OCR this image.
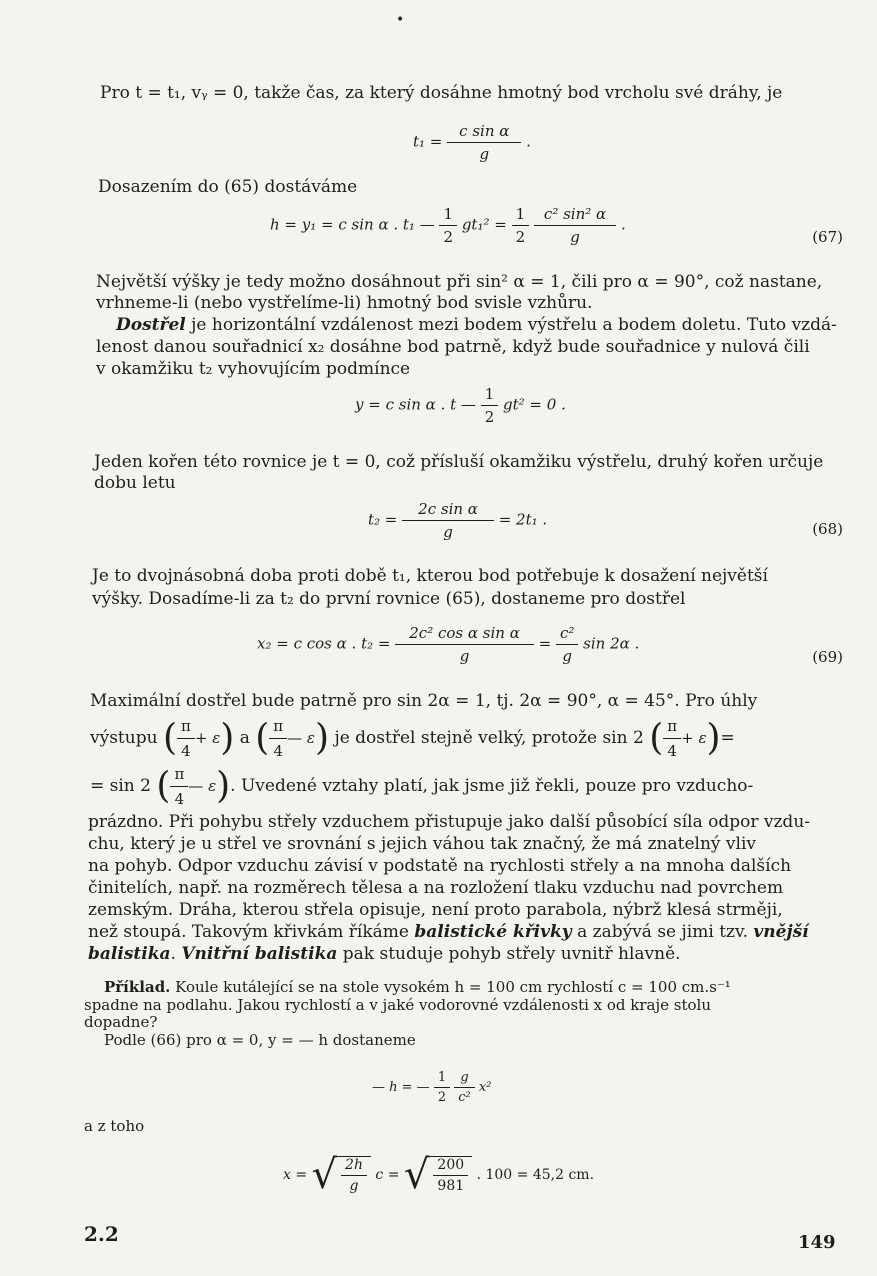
•
Pro t = t₁, vᵧ = 0, takže čas, za který dosáhne hmotný bod vrcholu své dráhy, je
$t_1 = \frac{\text{c sin α}}{g}$ .
Dosazením do (65) dostáváme
h = y₁ = c sin α . t₁ — $\frac{1}{2} gt_1^2 = \frac{1}{2}$
$\frac{\text{c² sin² α}}{g}$ .
(67)
Největší výšky je tedy možno dosáhnout při sin² α = 1, čili pro α = 90°, což nastane,
vrhneme-li (nebo vystřelíme-li) hmotný bod svisle vzhůru.
Dostřel je horizontální vzdálenost mezi bodem výstřelu a bodem doletu. Tuto vzdá-
lenost danou souřadnicí x₂ dosáhne bod patrně, když bude souřadnice y nulová čili
v okamžiku t₂ vyhovujícím podmínce
y = c sin α . t — $\frac{1}{2} gt^2 = 0$ .
Jeden kořen této rovnice je t = 0, což přísluší okamžiku výstřelu, druhý kořen určuje
dobu letu
$t_2 = \frac{\text{2c sin α}}{g} = 2t_1$ .
(68)
Je to dvojnásobná doba proti době t₁, kterou bod potřebuje k dosažení největší
výšky. Dosadíme-li za t₂ do první rovnice (65), dostaneme pro dostřel
x₂ = c cos α . $t_2 = \frac{\text{2c² cos α sin α}}{g} = \frac{\text{c²}}{g}$ sin 2α .
(69)
Maximální dostřel bude patrně pro sin 2α = 1, tj. 2α = 90°, α = 45°. Pro úhly
výstupu ( $\frac{\pi}{4} + \varepsilon$) a ( $\frac{\pi}{4}$ — ε) je dostřel stejně velký, protože sin 2 ( $\frac{\pi}{4} + \varepsilon)=$
= sin 2 ( $\frac{\pi}{4}$ — ε). Uvedené vztahy platí, jak jsme již řekli, pouze pro vzducho-
prázdno. Při pohybu střely vzduchem přistupuje jako další působící síla odpor vzdu-
chu, který je u střel ve srovnání s jejich váhou tak značný, že má znatelný vliv
na pohyb. Odpor vzduchu závisí v podstatě na rychlosti střely a na mnoha dalších
činitelích, např. na rozměrech tělesa a na rozložení tlaku vzduchu nad povrchem
zemským. Dráha, kterou střela opisuje, není proto parabola, nýbrž klesá strměji,
než stoupá. Takovým křivkám říkáme balistické křivky a zabývá se jimi tzv. vnější
balistika. Vnitřní balistika pak studuje pohyb střely uvnitř hlavně.
Příklad. Koule kutálející se na stole vysokém h = 100 cm rychlostí c = 100 cm.s⁻¹
spadne na podlahu. Jakou rychlostí a v jaké vodorovné vzdálenosti x od kraje stolu
dopadne?
Podle (66) pro α = 0, y = — h dostaneme
— h = — $\frac{1}{2}$
$\frac{g}{\text{c²}} x^2$
a z toho
x = √ $\frac{2h}{g}$ c = √ $\frac{200}{981}$ . 100 = 45,2 cm.
2.2	149
